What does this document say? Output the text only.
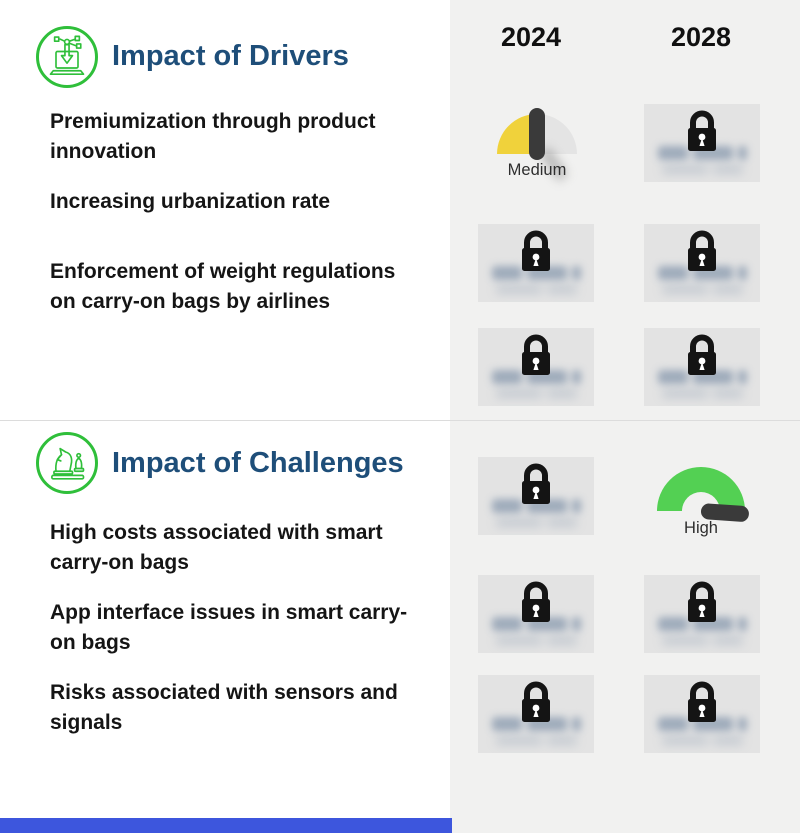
2024	2028
Impact of Drivers
Premiumization through product innovation
Increasing urbanization rate
Enforcement of weight regulations on carry-on bags by airlines
Medium
Impact of Challenges
High costs associated with smart carry-on bags
App interface issues in smart carry-on bags
Risks associated with sensors and signals
High
